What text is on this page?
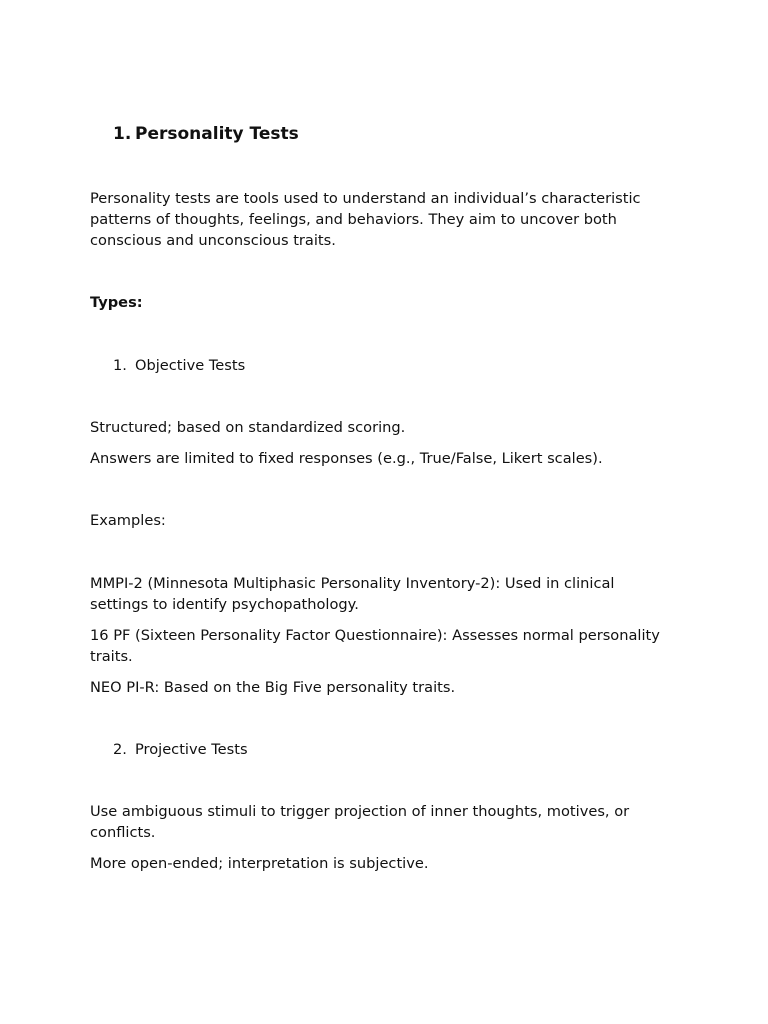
1. Personality Tests

Personality tests are tools used to understand an individual’s characteristic patterns of thoughts, feelings, and behaviors. They aim to uncover both conscious and unconscious traits.

Types:

1. Objective Tests

Structured; based on standardized scoring.

Answers are limited to fixed responses (e.g., True/False, Likert scales).

Examples:

MMPI-2 (Minnesota Multiphasic Personality Inventory-2): Used in clinical settings to identify psychopathology.

16 PF (Sixteen Personality Factor Questionnaire): Assesses normal personality traits.

NEO PI-R: Based on the Big Five personality traits.

2. Projective Tests

Use ambiguous stimuli to trigger projection of inner thoughts, motives, or conflicts.

More open-ended; interpretation is subjective.
